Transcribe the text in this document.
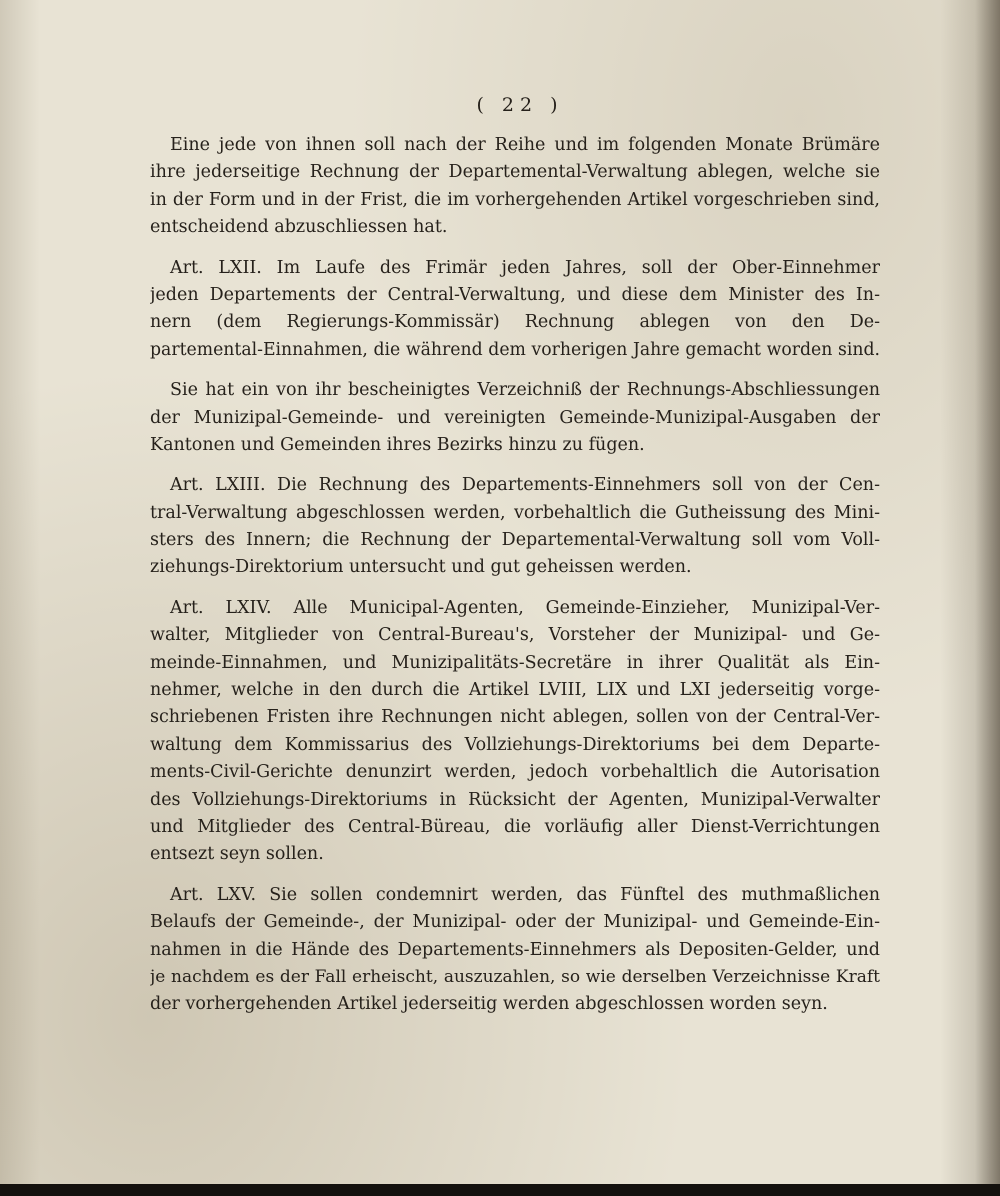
( 22 )
Eine jede von ihnen soll nach der Reihe und im folgenden Monate Brümäre
ihre jederseitige Rechnung der Departemental-Verwaltung ablegen, welche sie
in der Form und in der Frist, die im vorhergehenden Artikel vorgeschrieben sind,
entscheidend abzuschliessen hat.
Art. LXII. Im Laufe des Frimär jeden Jahres, soll der Ober-Einnehmer
jeden Departements der Central-Verwaltung, und diese dem Minister des In-
nern (dem Regierungs-Kommissär) Rechnung ablegen von den De-
partemental-Einnahmen, die während dem vorherigen Jahre gemacht worden sind.
Sie hat ein von ihr bescheinigtes Verzeichniß der Rechnungs-Abschliessungen
der Munizipal-Gemeinde- und vereinigten Gemeinde-Munizipal-Ausgaben der
Kantonen und Gemeinden ihres Bezirks hinzu zu fügen.
Art. LXIII. Die Rechnung des Departements-Einnehmers soll von der Cen-
tral-Verwaltung abgeschlossen werden, vorbehaltlich die Gutheissung des Mini-
sters des Innern; die Rechnung der Departemental-Verwaltung soll vom Voll-
ziehungs-Direktorium untersucht und gut geheissen werden.
Art. LXIV. Alle Municipal-Agenten, Gemeinde-Einzieher, Munizipal-Ver-
walter, Mitglieder von Central-Bureau's, Vorsteher der Munizipal- und Ge-
meinde-Einnahmen, und Munizipalitäts-Secretäre in ihrer Qualität als Ein-
nehmer, welche in den durch die Artikel LVIII, LIX und LXI jederseitig vorge-
schriebenen Fristen ihre Rechnungen nicht ablegen, sollen von der Central-Ver-
waltung dem Kommissarius des Vollziehungs-Direktoriums bei dem Departe-
ments-Civil-Gerichte denunzirt werden, jedoch vorbehaltlich die Autorisation
des Vollziehungs-Direktoriums in Rücksicht der Agenten, Munizipal-Verwalter
und Mitglieder des Central-Büreau, die vorläufig aller Dienst-Verrichtungen
entsezt seyn sollen.
Art. LXV. Sie sollen condemnirt werden, das Fünftel des muthmaßlichen
Belaufs der Gemeinde-, der Munizipal- oder der Munizipal- und Gemeinde-Ein-
nahmen in die Hände des Departements-Einnehmers als Depositen-Gelder, und
je nachdem es der Fall erheischt, auszuzahlen, so wie derselben Verzeichnisse Kraft
der vorhergehenden Artikel jederseitig werden abgeschlossen worden seyn.
